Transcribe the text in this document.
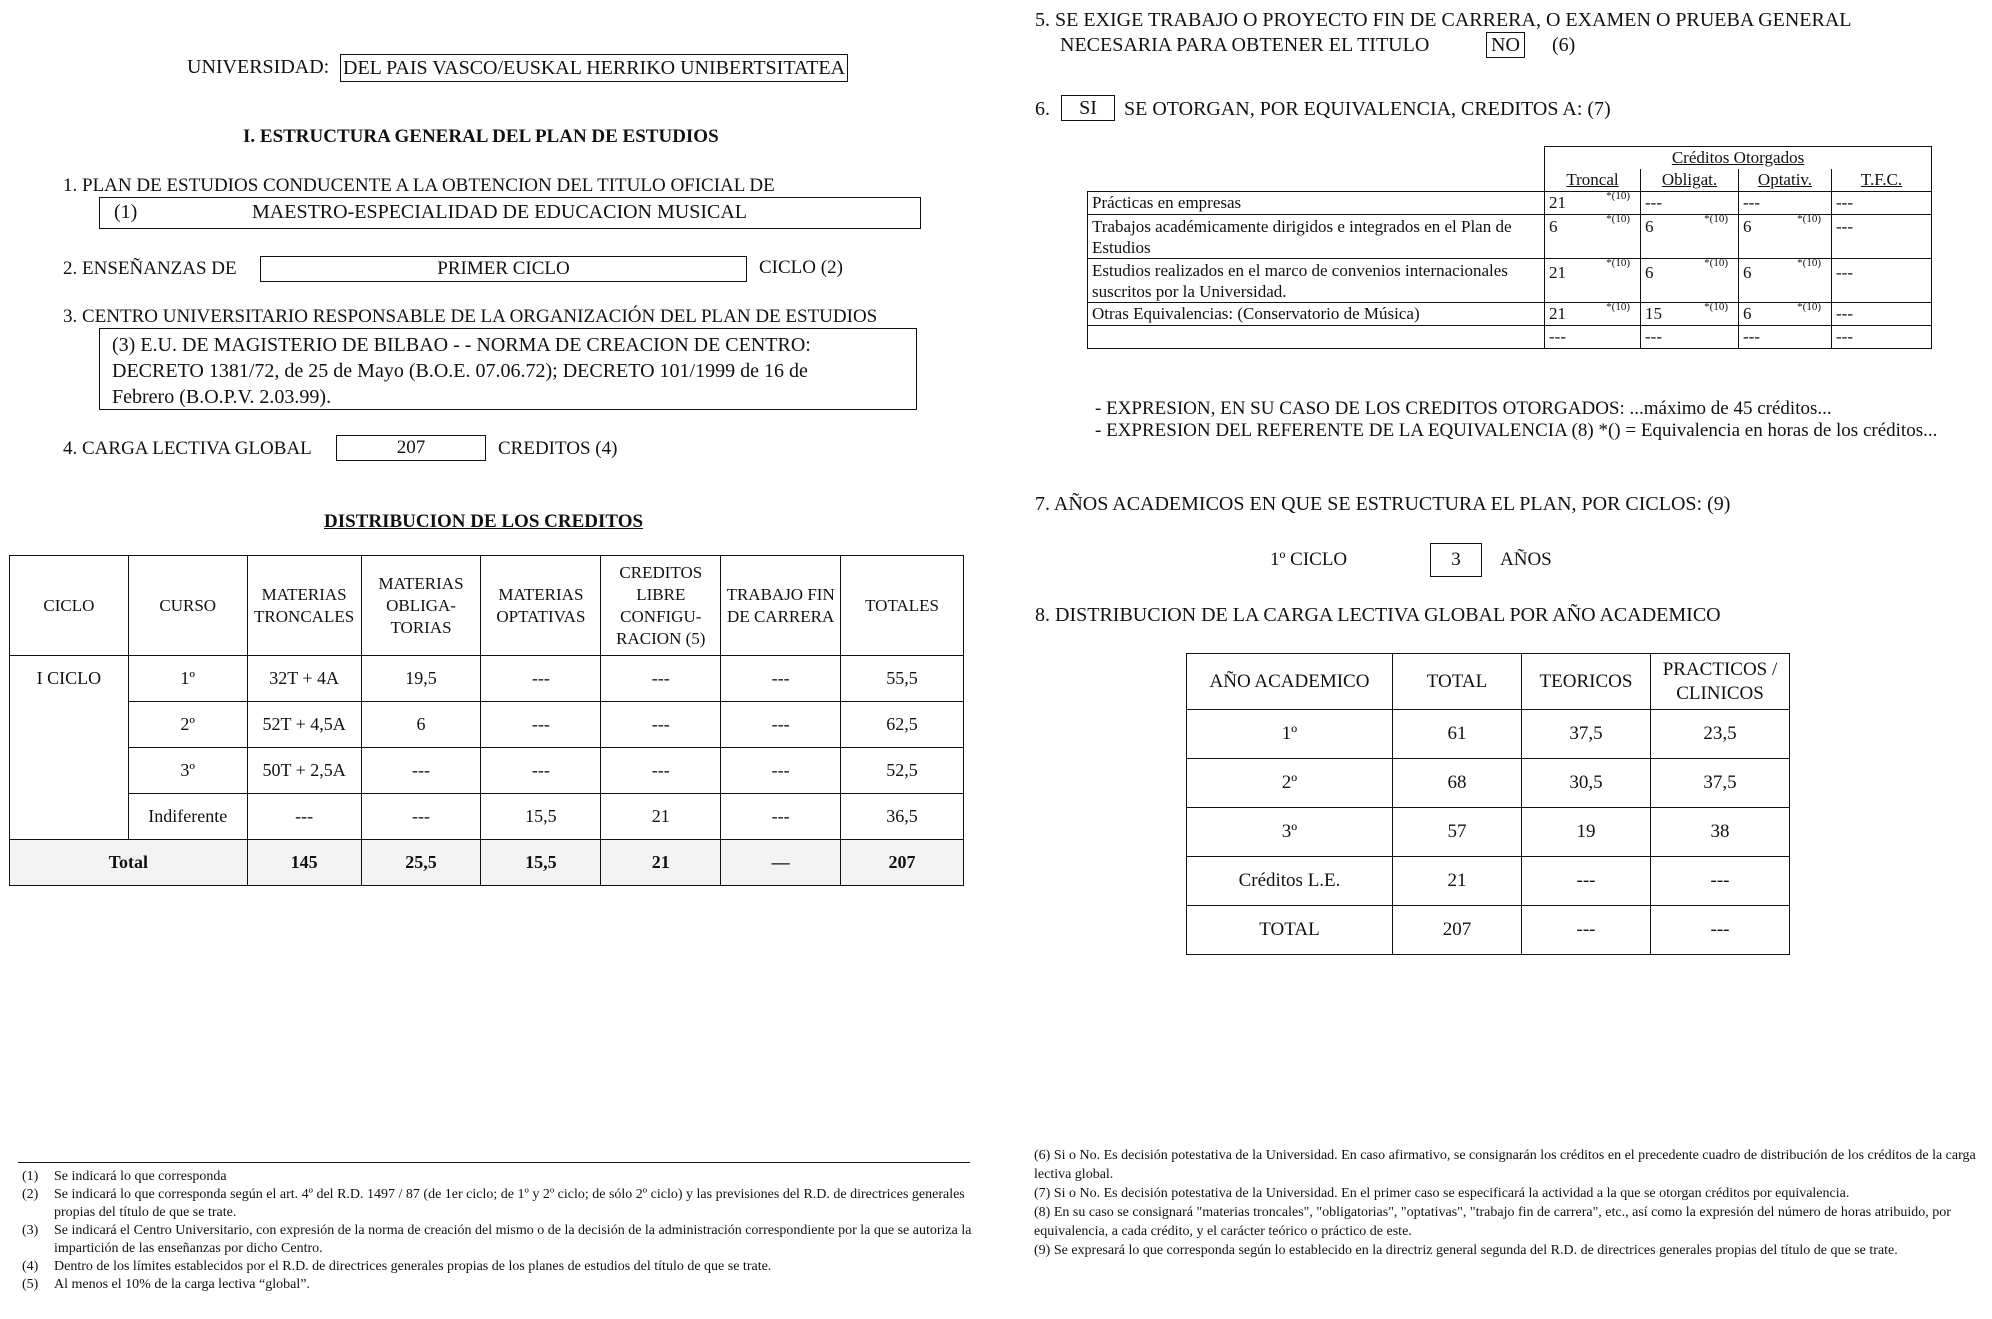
UNIVERSIDAD: DEL PAIS VASCO/EUSKAL HERRIKO UNIBERTSITATEA
I. ESTRUCTURA GENERAL DEL PLAN DE ESTUDIOS
1. PLAN DE ESTUDIOS CONDUCENTE A LA OBTENCION DEL TITULO OFICIAL DE
(1)	MAESTRO-ESPECIALIDAD DE EDUCACION MUSICAL
2. ENSEÑANZAS DE	PRIMER CICLO	CICLO (2)
3. CENTRO UNIVERSITARIO RESPONSABLE DE LA ORGANIZACIÓN DEL PLAN DE ESTUDIOS
(3) E.U. DE MAGISTERIO DE BILBAO - - NORMA DE CREACION DE CENTRO:
DECRETO 1381/72, de 25 de Mayo (B.O.E. 07.06.72); DECRETO 101/1999 de 16 de
Febrero (B.O.P.V. 2.03.99).
4. CARGA LECTIVA GLOBAL	207	CREDITOS (4)
DISTRIBUCION DE LOS CREDITOS
CICLO	CURSO	MATERIAS TRONCALES	MATERIAS OBLIGA-TORIAS	MATERIAS OPTATIVAS	CREDITOS LIBRE CONFIGU-RACION (5)	TRABAJO FIN DE CARRERA	TOTALES
I CICLO	1º	32T + 4A	19,5	---	---	---	55,5
	2º	52T + 4,5A	6	---	---	---	62,5
	3º	50T + 2,5A	---	---	---	---	52,5
	Indiferente	---	---	15,5	21	---	36,5
Total		145	25,5	15,5	21	—	207
5. SE EXIGE TRABAJO O PROYECTO FIN DE CARRERA, O EXAMEN O PRUEBA GENERAL
NECESARIA PARA OBTENER EL TITULO	NO (6)
6.	SI	SE OTORGAN, POR EQUIVALENCIA, CREDITOS A: (7)
	Créditos Otorgados			
	Troncal	Obligat.	Optativ.	T.F.C.
Prácticas en empresas	21 *(10)	---	---	---
Trabajos académicamente dirigidos e integrados en el Plan de Estudios	6 *(10)	6 *(10)	6 *(10)	---
Estudios realizados en el marco de convenios internacionales suscritos por la Universidad.	21 *(10)	6 *(10)	6 *(10)	---
Otras Equivalencias: (Conservatorio de Música)	21 *(10)	15 *(10)	6 *(10)	---
	---	---	---	---
- EXPRESION, EN SU CASO DE LOS CREDITOS OTORGADOS: ...máximo de 45 créditos...
- EXPRESION DEL REFERENTE DE LA EQUIVALENCIA (8) *() = Equivalencia en horas de los créditos...
7. AÑOS ACADEMICOS EN QUE SE ESTRUCTURA EL PLAN, POR CICLOS: (9)
1º CICLO	3	AÑOS
8. DISTRIBUCION DE LA CARGA LECTIVA GLOBAL POR AÑO ACADEMICO
AÑO ACADEMICO	TOTAL	TEORICOS	PRACTICOS / CLINICOS
1º	61	37,5	23,5
2º	68	30,5	37,5
3º	57	19	38
Créditos L.E.	21	---	---
TOTAL	207	---	---
(1)	Se indicará lo que corresponda
(2)	Se indicará lo que corresponda según el art. 4º del R.D. 1497 / 87 (de 1er ciclo; de 1º y 2º ciclo; de sólo 2º ciclo) y las previsiones del R.D. de directrices generales propias del título de que se trate.
(3)	Se indicará el Centro Universitario, con expresión de la norma de creación del mismo o de la decisión de la administración correspondiente por la que se autoriza la impartición de las enseñanzas por dicho Centro.
(4)	Dentro de los límites establecidos por el R.D. de directrices generales propias de los planes de estudios del título de que se trate.
(5)	Al menos el 10% de la carga lectiva “global”.
(6) Si o No. Es decisión potestativa de la Universidad. En caso afirmativo, se consignarán los créditos en el precedente cuadro de distribución de los créditos de la carga lectiva global.
(7) Si o No. Es decisión potestativa de la Universidad. En el primer caso se especificará la actividad a la que se otorgan créditos por equivalencia.
(8) En su caso se consignará "materias troncales", "obligatorias", "optativas", "trabajo fin de carrera", etc., así como la expresión del número de horas atribuido, por equivalencia, a cada crédito, y el carácter teórico o práctico de este.
(9) Se expresará lo que corresponda según lo establecido en la directriz general segunda del R.D. de directrices generales propias del título de que se trate.
